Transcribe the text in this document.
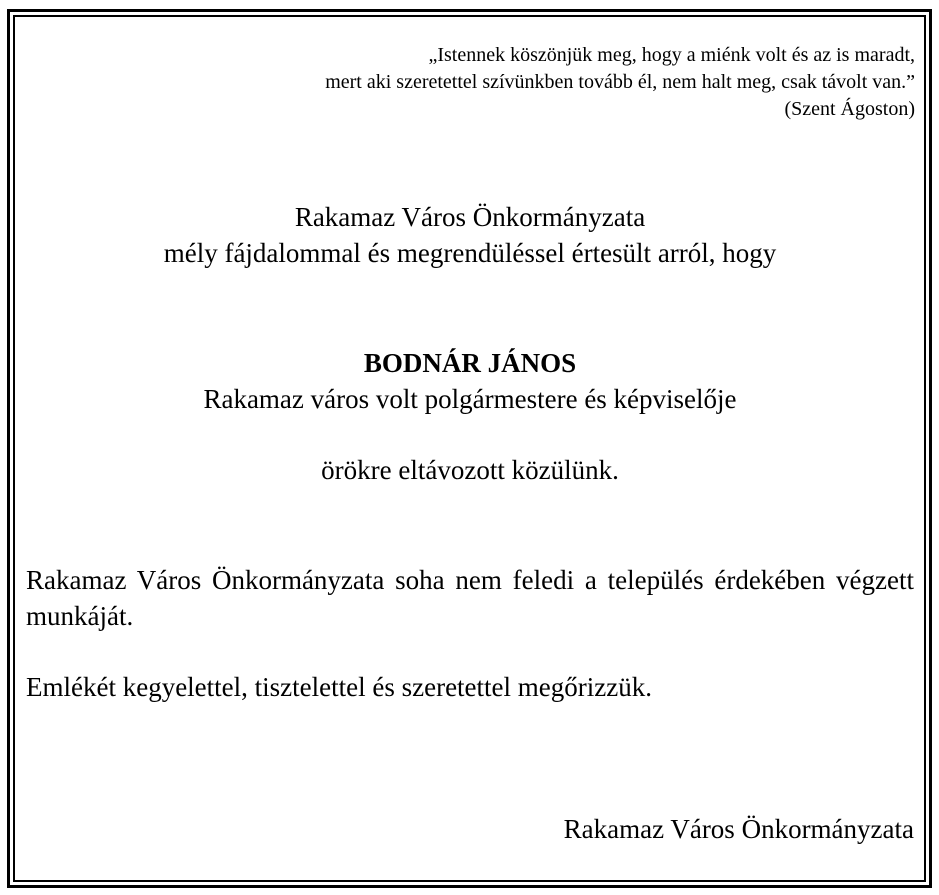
„Istennek köszönjük meg, hogy a miénk volt és az is maradt,
mert aki szeretettel szívünkben tovább él, nem halt meg, csak távolt van.”
(Szent Ágoston)
Rakamaz Város Önkormányzata
mély fájdalommal és megrendüléssel értesült arról, hogy
BODNÁR JÁNOS
Rakamaz város volt polgármestere és képviselője
örökre eltávozott közülünk.
Rakamaz Város Önkormányzata soha nem feledi a település érdekében végzett munkáját.
Emlékét kegyelettel, tisztelettel és szeretettel megőrizzük.
Rakamaz Város Önkormányzata
